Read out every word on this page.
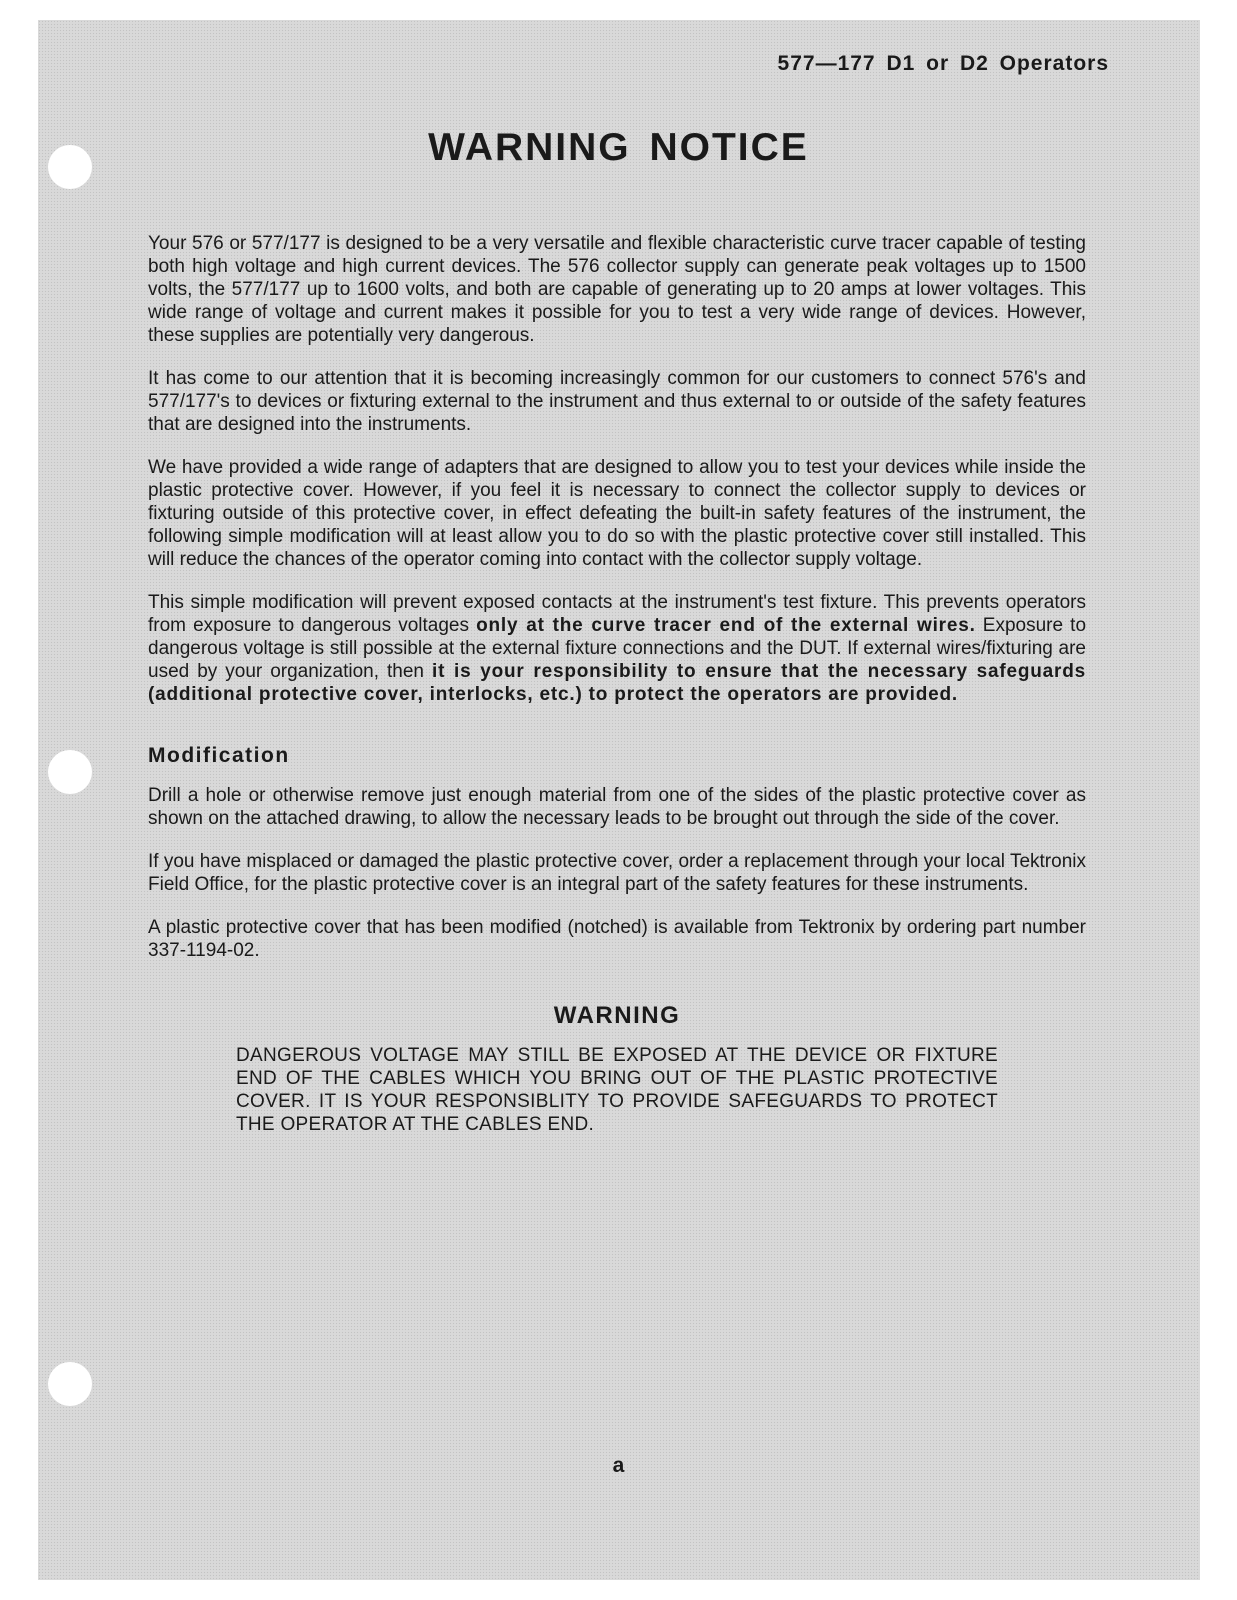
577—177 D1 or D2 Operators
WARNING NOTICE

Your 576 or 577/177 is designed to be a very versatile and flexible characteristic curve tracer capable of testing both high voltage and high current devices. The 576 collector supply can generate peak voltages up to 1500 volts, the 577/177 up to 1600 volts, and both are capable of generating up to 20 amps at lower voltages. This wide range of voltage and current makes it possible for you to test a very wide range of devices. However, these supplies are potentially very dangerous.

It has come to our attention that it is becoming increasingly common for our customers to connect 576's and 577/177's to devices or fixturing external to the instrument and thus external to or outside of the safety features that are designed into the instruments.

We have provided a wide range of adapters that are designed to allow you to test your devices while inside the plastic protective cover. However, if you feel it is necessary to connect the collector supply to devices or fixturing outside of this protective cover, in effect defeating the built-in safety features of the instrument, the following simple modification will at least allow you to do so with the plastic protective cover still installed. This will reduce the chances of the operator coming into contact with the collector supply voltage.

This simple modification will prevent exposed contacts at the instrument's test fixture. This prevents operators from exposure to dangerous voltages only at the curve tracer end of the external wires. Exposure to dangerous voltage is still possible at the external fixture connections and the DUT. If external wires/fixturing are used by your organization, then it is your responsibility to ensure that the necessary safeguards (additional protective cover, interlocks, etc.) to protect the operators are provided.

Modification

Drill a hole or otherwise remove just enough material from one of the sides of the plastic protective cover as shown on the attached drawing, to allow the necessary leads to be brought out through the side of the cover.

If you have misplaced or damaged the plastic protective cover, order a replacement through your local Tektronix Field Office, for the plastic protective cover is an integral part of the safety features for these instruments.

A plastic protective cover that has been modified (notched) is available from Tektronix by ordering part number 337-1194-02.

WARNING
DANGEROUS VOLTAGE MAY STILL BE EXPOSED AT THE DEVICE OR FIXTURE END OF THE CABLES WHICH YOU BRING OUT OF THE PLASTIC PROTECTIVE COVER. IT IS YOUR RESPONSIBLITY TO PROVIDE SAFEGUARDS TO PROTECT THE OPERATOR AT THE CABLES END.
a
